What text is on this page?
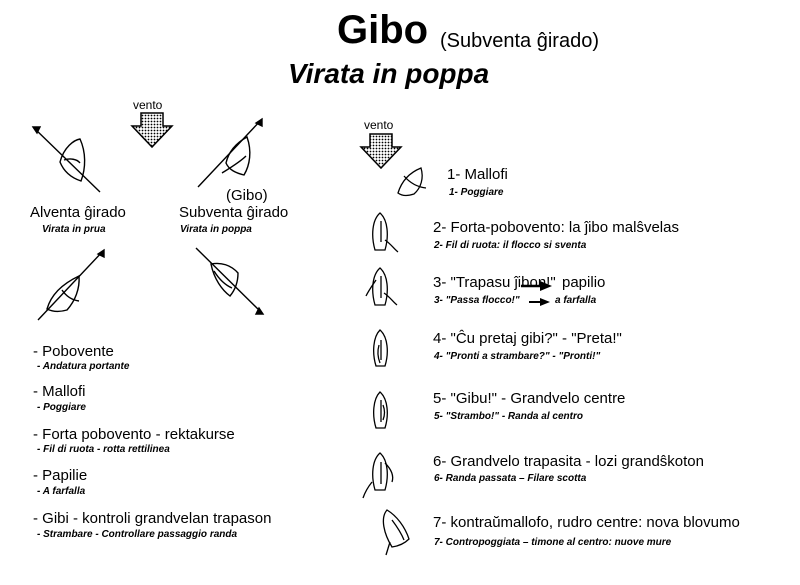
Gibo (Subventa ĝirado)
Virata in poppa
vento
Alventa ĝirado
Virata in prua
(Gibo)
Subventa ĝirado
Virata in poppa
- Pobovente
- Andatura portante
- Mallofi
- Poggiare
- Forta pobovento - rektakurse
- Fil di ruota - rotta rettilinea
- Papilie
- A farfalla
- Gibi - kontroli grandvelan trapason
- Strambare - Controllare passaggio randa
vento
1- Mallofi
1- Poggiare
2- Forta-pobovento: la ĵibo malŝvelas
2- Fil di ruota: il flocco si sventa
3- "Trapasu ĵibon!" papilio
3- "Passa flocco!"	a farfalla
4- "Ĉu pretaj gibi?" - "Preta!"
4- "Pronti a strambare?" - "Pronti!"
5- "Gibu!" - Grandvelo centre
5- "Strambo!" - Randa al centro
6- Grandvelo trapasita - lozi grandŝkoton
6- Randa passata – Filare scotta
7- kontraŭmallofo, rudro centre: nova blovumo
7- Contropoggiata – timone al centro: nuove mure
